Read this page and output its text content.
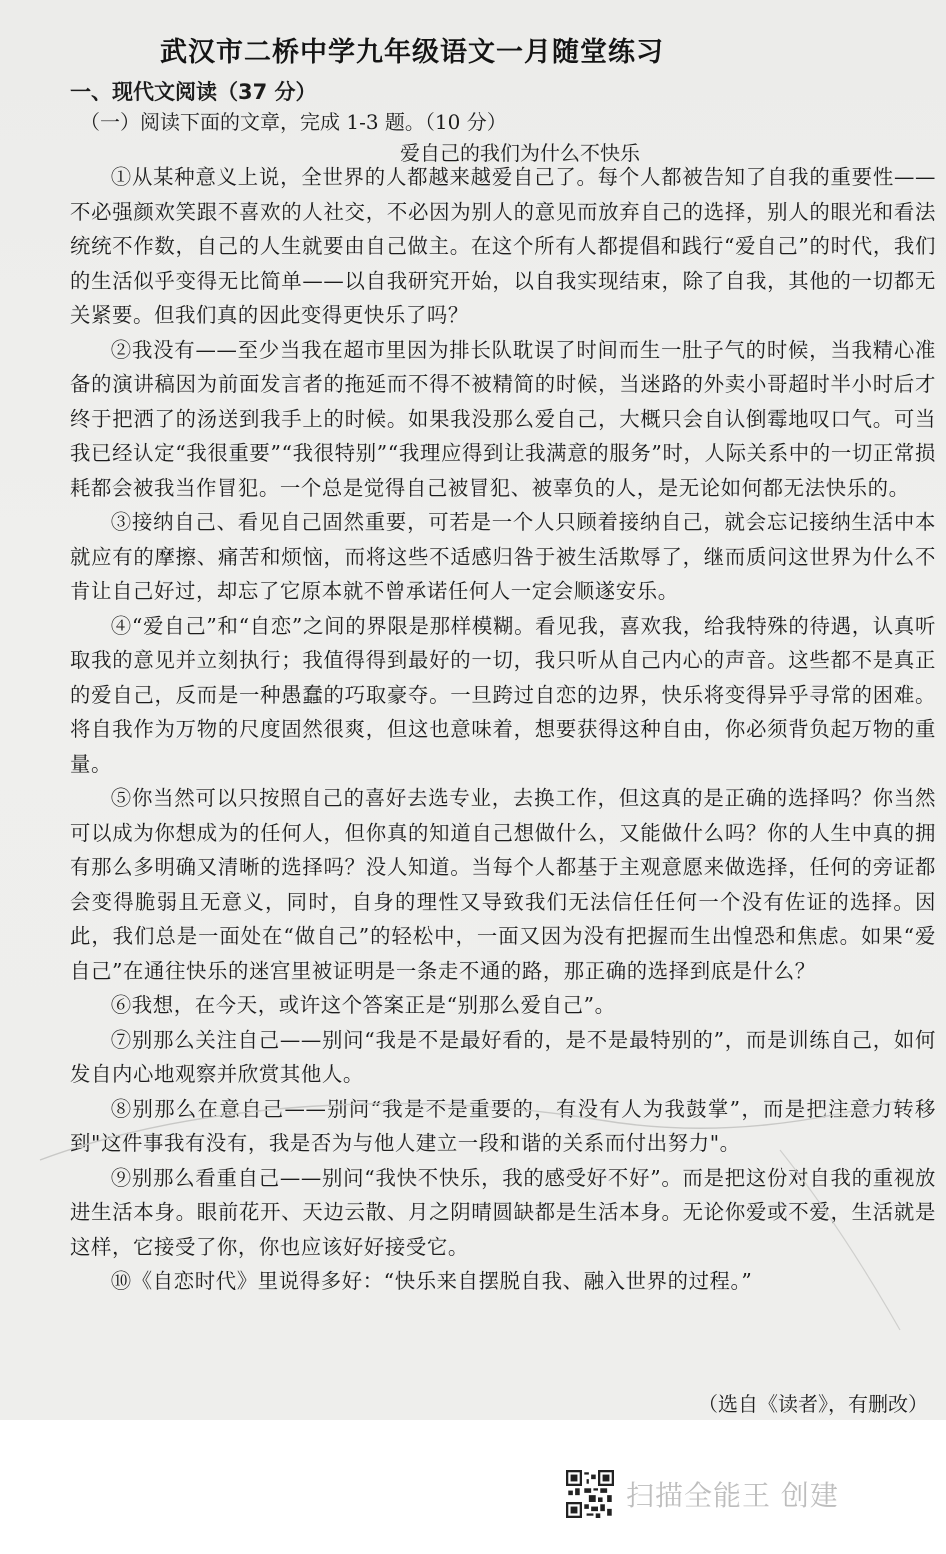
武汉市二桥中学九年级语文一月随堂练习
一、现代文阅读（37 分）
（一）阅读下面的文章，完成 1-3 题。（10 分）
爱自己的我们为什么不快乐

①从某种意义上说，全世界的人都越来越爱自己了。每个人都被告知了自我的重要性——不必强颜欢笑跟不喜欢的人社交，不必因为别人的意见而放弃自己的选择，别人的眼光和看法统统不作数，自己的人生就要由自己做主。在这个所有人都提倡和践行“爱自己”的时代，我们的生活似乎变得无比简单——以自我研究开始，以自我实现结束，除了自我，其他的一切都无关紧要。但我们真的因此变得更快乐了吗？

②我没有——至少当我在超市里因为排长队耽误了时间而生一肚子气的时候，当我精心准备的演讲稿因为前面发言者的拖延而不得不被精简的时候，当迷路的外卖小哥超时半小时后才终于把洒了的汤送到我手上的时候。如果我没那么爱自己，大概只会自认倒霉地叹口气。可当我已经认定“我很重要”“我很特别”“我理应得到让我满意的服务”时，人际关系中的一切正常损耗都会被我当作冒犯。一个总是觉得自己被冒犯、被辜负的人，是无论如何都无法快乐的。

③接纳自己、看见自己固然重要，可若是一个人只顾着接纳自己，就会忘记接纳生活中本就应有的摩擦、痛苦和烦恼，而将这些不适感归咎于被生活欺辱了，继而质问这世界为什么不肯让自己好过，却忘了它原本就不曾承诺任何人一定会顺遂安乐。

④“爱自己”和“自恋”之间的界限是那样模糊。看见我，喜欢我，给我特殊的待遇，认真听取我的意见并立刻执行；我值得得到最好的一切，我只听从自己内心的声音。这些都不是真正的爱自己，反而是一种愚蠢的巧取豪夺。一旦跨过自恋的边界，快乐将变得异乎寻常的困难。将自我作为万物的尺度固然很爽，但这也意味着，想要获得这种自由，你必须背负起万物的重量。

⑤你当然可以只按照自己的喜好去选专业，去换工作，但这真的是正确的选择吗？你当然可以成为你想成为的任何人，但你真的知道自己想做什么，又能做什么吗？你的人生中真的拥有那么多明确又清晰的选择吗？没人知道。当每个人都基于主观意愿来做选择，任何的旁证都会变得脆弱且无意义，同时，自身的理性又导致我们无法信任任何一个没有佐证的选择。因此，我们总是一面处在“做自己”的轻松中，一面又因为没有把握而生出惶恐和焦虑。如果“爱自己”在通往快乐的迷宫里被证明是一条走不通的路，那正确的选择到底是什么？

⑥我想，在今天，或许这个答案正是“别那么爱自己”。

⑦别那么关注自己——别问“我是不是最好看的，是不是最特别的”，而是训练自己，如何发自内心地观察并欣赏其他人。

⑧别那么在意自己——别问“我是不是重要的，有没有人为我鼓掌”，而是把注意力转移到"这件事我有没有，我是否为与他人建立一段和谐的关系而付出努力"。

⑨别那么看重自己——别问“我快不快乐，我的感受好不好”。而是把这份对自我的重视放进生活本身。眼前花开、天边云散、月之阴晴圆缺都是生活本身。无论你爱或不爱，生活就是这样，它接受了你，你也应该好好接受它。

⑩《自恋时代》里说得多好：“快乐来自摆脱自我、融入世界的过程。”

（选自《读者》，有删改）
扫描全能王 创建
